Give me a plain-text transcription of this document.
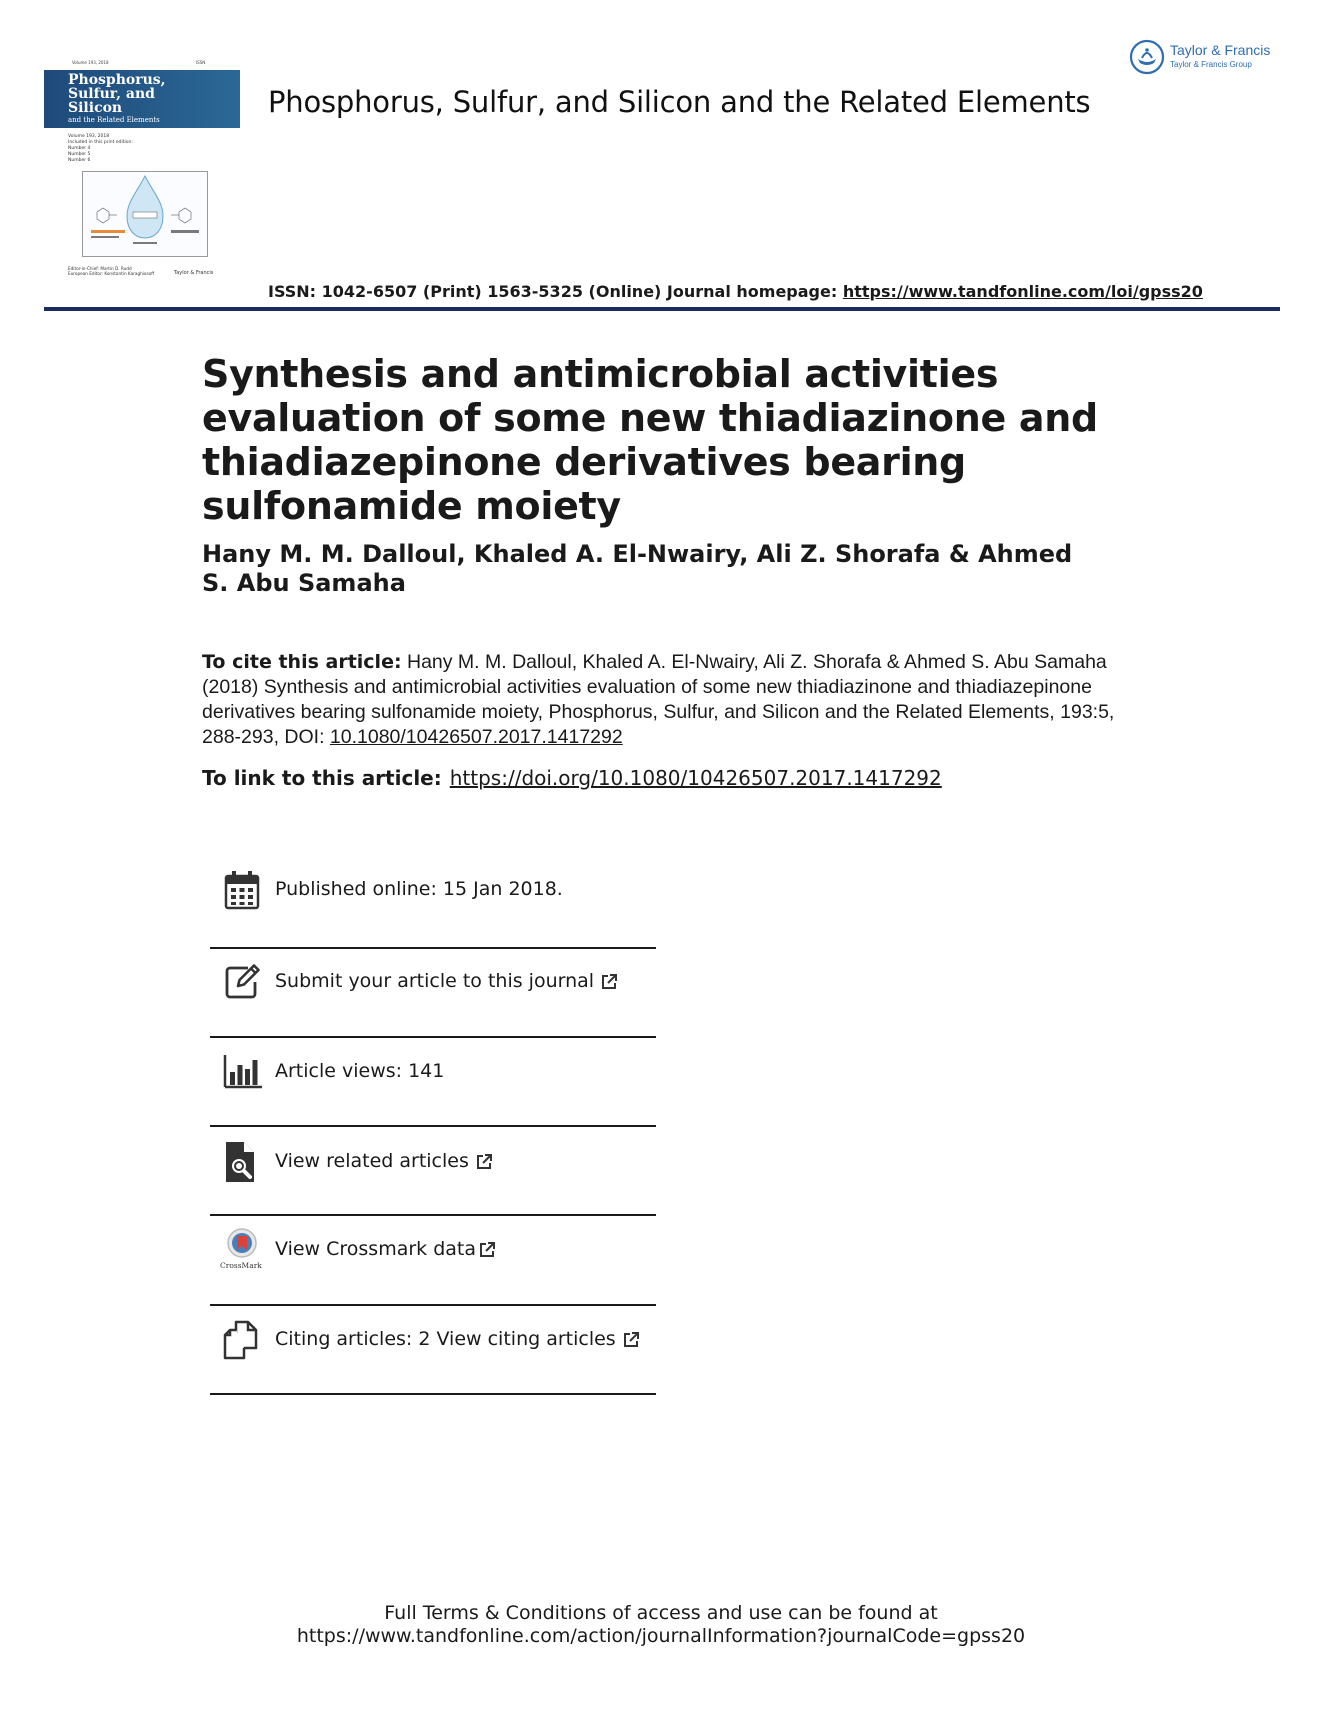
Volume 193, 2018	ISSN
Phosphorus,
Sulfur, and
Silicon
and the Related Elements
Volume 193, 2018
Included in this print edition:
Number 4
Number 5
Number 6
Editor-in-Chief: Martin D. Rudd
European Editor: Konstantin Karaghiosoff	Taylor & Francis
Phosphorus, Sulfur, and Silicon and the Related Elements
Taylor & Francis
Taylor & Francis Group
ISSN: 1042-6507 (Print) 1563-5325 (Online) Journal homepage: https://www.tandfonline.com/loi/gpss20
Synthesis and antimicrobial activities evaluation of some new thiadiazinone and thiadiazepinone derivatives bearing sulfonamide moiety
Hany M. M. Dalloul, Khaled A. El-Nwairy, Ali Z. Shorafa & Ahmed S. Abu Samaha
To cite this article: Hany M. M. Dalloul, Khaled A. El-Nwairy, Ali Z. Shorafa & Ahmed S. Abu Samaha (2018) Synthesis and antimicrobial activities evaluation of some new thiadiazinone and thiadiazepinone derivatives bearing sulfonamide moiety, Phosphorus, Sulfur, and Silicon and the Related Elements, 193:5, 288-293, DOI: 10.1080/10426507.2017.1417292
To link to this article: https://doi.org/10.1080/10426507.2017.1417292
Published online: 15 Jan 2018.
Submit your article to this journal
Article views: 141
View related articles
CrossMark
View Crossmark data
Citing articles: 2 View citing articles
Full Terms & Conditions of access and use can be found at
https://www.tandfonline.com/action/journalInformation?journalCode=gpss20
